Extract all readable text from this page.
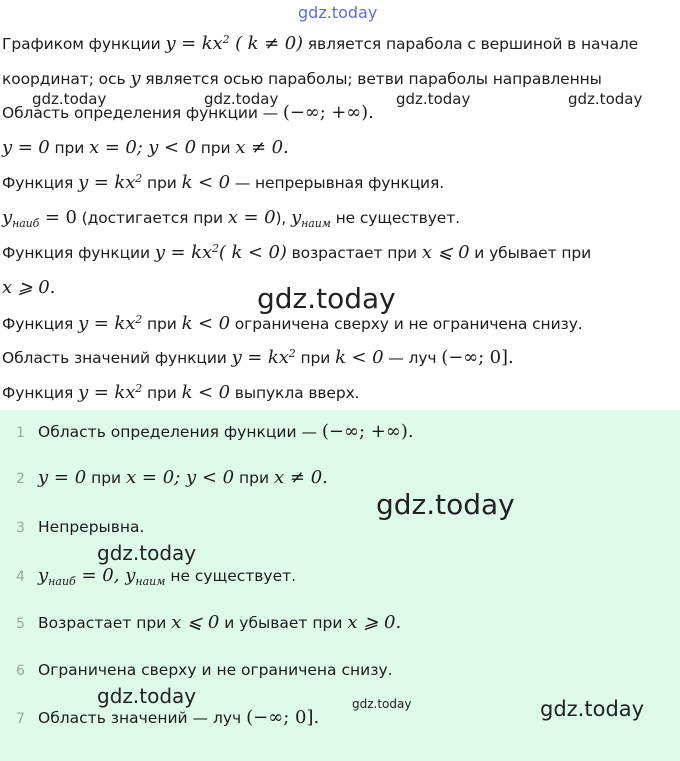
gdz.today
gdz.today	gdz.today	gdz.today	gdz.today
gdz.today
Графиком функции $y = kx^2$ ( k ≠ 0) является парабола с вершиной в начале
координат; ось y является осью параболы; ветви параболы направленны
Область определения функции — (−∞; +∞).
y = 0 при x = 0; y < 0 при x ≠ 0.
Функция $y = kx^2$ при k < 0 — непрерывная функция.
$y_{наиб} = 0$ (достигается при x = 0), $y_{наим}$ не существует.
Функция функции $y = kx^2$( k < 0) возрастает при x ⩽ 0 и убывает при
x ⩾ 0.
Функция $y = kx^2$ при k < 0 ограничена сверху и не ограничена снизу.
Область значений функции $y = kx^2$ при k < 0 — луч (−∞; 0].
Функция $y = kx^2$ при k < 0 выпукла вверх.
1 Область определения функции — (−∞; +∞).
2 y = 0 при x = 0; y < 0 при x ≠ 0.
3 Непрерывна.
4 $y_{наиб} = 0$, $y_{наим}$ не существует.
5 Возрастает при x ⩽ 0 и убывает при x ⩾ 0.
6 Ограничена сверху и не ограничена снизу.
7 Область значений — луч (−∞; 0].
gdz.today
gdz.today
gdz.today	gdz.today	gdz.today
